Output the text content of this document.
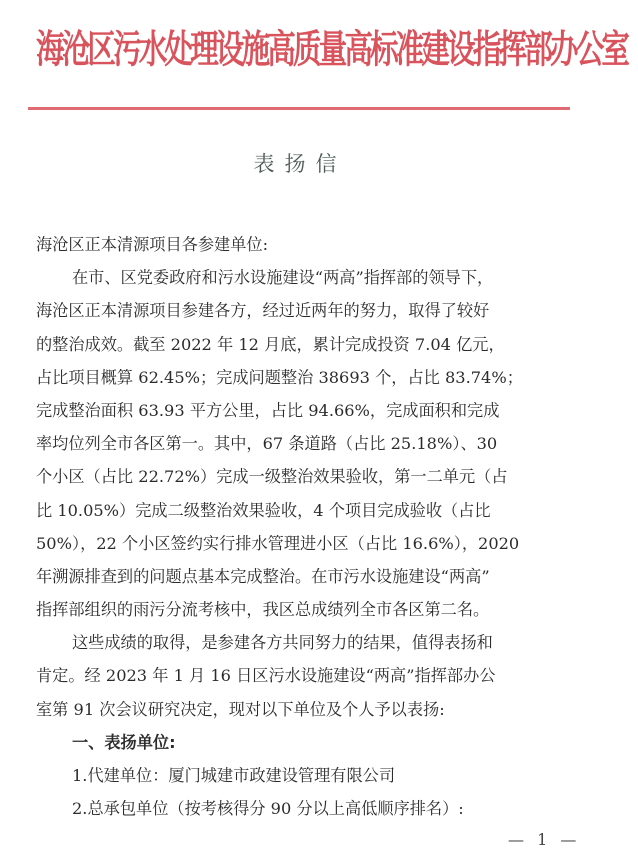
海沧区污水处理设施高质量高标准建设指挥部办公室
表扬信
海沧区正本清源项目各参建单位:
在市、区党委政府和污水设施建设“两高”指挥部的领导下，
海沧区正本清源项目参建各方，经过近两年的努力，取得了较好
的整治成效。截至 2022 年 12 月底，累计完成投资 7.04 亿元，
占比项目概算 62.45%；完成问题整治 38693 个，占比 83.74%；
完成整治面积 63.93 平方公里，占比 94.66%，完成面积和完成
率均位列全市各区第一。其中，67 条道路（占比 25.18%）、30
个小区（占比 22.72%）完成一级整治效果验收，第一二单元（占
比 10.05%）完成二级整治效果验收，4 个项目完成验收（占比
50%），22 个小区签约实行排水管理进小区（占比 16.6%），2020
年溯源排查到的问题点基本完成整治。在市污水设施建设“两高”
指挥部组织的雨污分流考核中，我区总成绩列全市各区第二名。
这些成绩的取得，是参建各方共同努力的结果，值得表扬和
肯定。经 2023 年 1 月 16 日区污水设施建设“两高”指挥部办公
室第 91 次会议研究决定，现对以下单位及个人予以表扬:
一、表扬单位:
1.代建单位：厦门城建市政建设管理有限公司
2.总承包单位（按考核得分 90 分以上高低顺序排名）:
— 1 —
